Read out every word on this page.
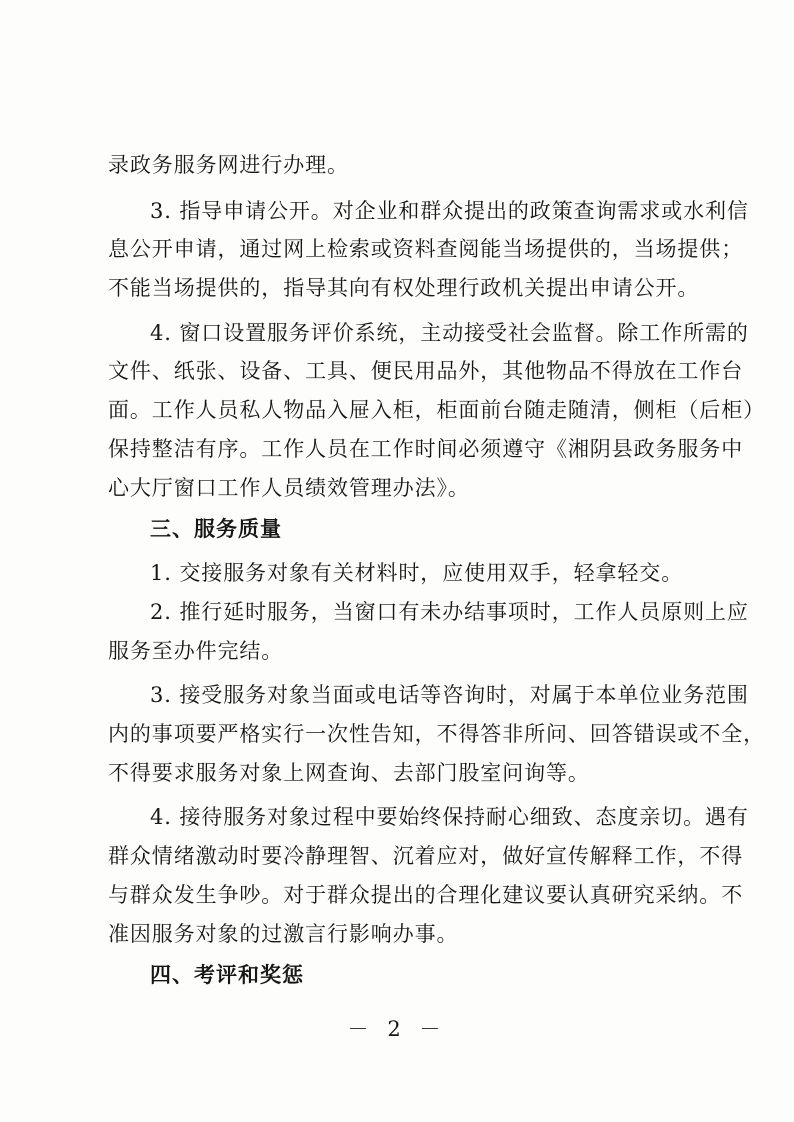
录政务服务网进行办理。
3. 指导申请公开。对企业和群众提出的政策查询需求或水利信
息公开申请，通过网上检索或资料查阅能当场提供的，当场提供；
不能当场提供的，指导其向有权处理行政机关提出申请公开。
4. 窗口设置服务评价系统，主动接受社会监督。除工作所需的
文件、纸张、设备、工具、便民用品外，其他物品不得放在工作台
面。工作人员私人物品入屉入柜，柜面前台随走随清，侧柜（后柜）
保持整洁有序。工作人员在工作时间必须遵守《湘阴县政务服务中
心大厅窗口工作人员绩效管理办法》。
三、服务质量
1. 交接服务对象有关材料时，应使用双手，轻拿轻交。
2. 推行延时服务，当窗口有未办结事项时，工作人员原则上应
服务至办件完结。
3. 接受服务对象当面或电话等咨询时，对属于本单位业务范围
内的事项要严格实行一次性告知，不得答非所问、回答错误或不全，
不得要求服务对象上网查询、去部门股室问询等。
4. 接待服务对象过程中要始终保持耐心细致、态度亲切。遇有
群众情绪激动时要冷静理智、沉着应对，做好宣传解释工作，不得
与群众发生争吵。对于群众提出的合理化建议要认真研究采纳。不
准因服务对象的过激言行影响办事。
四、考评和奖惩
－ 2 －
